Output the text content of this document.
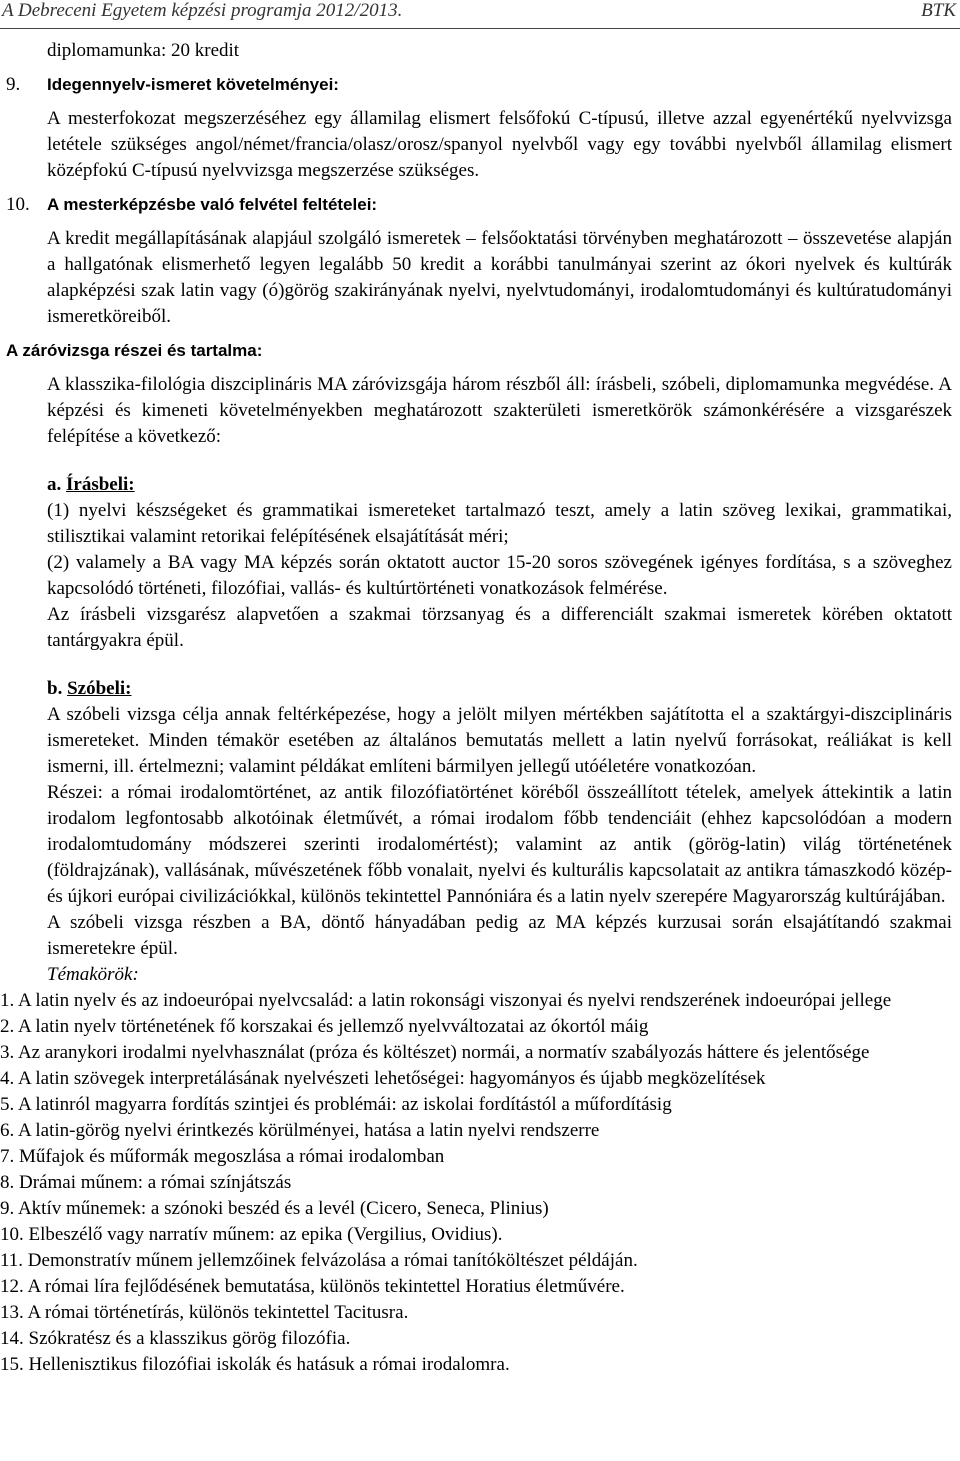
A Debreceni Egyetem képzési programja 2012/2013.	BTK

diplomamunka: 20 kredit

9. Idegennyelv-ismeret követelményei:

A mesterfokozat megszerzéséhez egy államilag elismert felsőfokú C-típusú, illetve azzal egyenértékű nyelvvizsga letétele szükséges angol/német/francia/olasz/orosz/spanyol nyelvből vagy egy további nyelvből államilag elismert középfokú C-típusú nyelvvizsga megszerzése szükséges.

10. A mesterképzésbe való felvétel feltételei:

A kredit megállapításának alapjául szolgáló ismeretek – felsőoktatási törvényben meghatározott – összevetése alapján a hallgatónak elismerhető legyen legalább 50 kredit a korábbi tanulmányai szerint az ókori nyelvek és kultúrák alapképzési szak latin vagy (ó)görög szakirányának nyelvi, nyelvtudományi, irodalomtudományi és kultúratudományi ismeretköreiből.

A záróvizsga részei és tartalma:

A klasszika-filológia diszciplináris MA záróvizsgája három részből áll: írásbeli, szóbeli, diplomamunka megvédése. A képzési és kimeneti követelményekben meghatározott szakterületi ismeretkörök számonkérésére a vizsgarészek felépítése a következő:

a. Írásbeli:

(1) nyelvi készségeket és grammatikai ismereteket tartalmazó teszt, amely a latin szöveg lexikai, grammatikai, stilisztikai valamint retorikai felépítésének elsajátítását méri;

(2) valamely a BA vagy MA képzés során oktatott auctor 15-20 soros szövegének igényes fordítása, s a szöveghez kapcsolódó történeti, filozófiai, vallás- és kultúrtörténeti vonatkozások felmérése.

Az írásbeli vizsgarész alapvetően a szakmai törzsanyag és a differenciált szakmai ismeretek körében oktatott tantárgyakra épül.

b. Szóbeli:

A szóbeli vizsga célja annak feltérképezése, hogy a jelölt milyen mértékben sajátította el a szaktárgyi-diszciplináris ismereteket. Minden témakör esetében az általános bemutatás mellett a latin nyelvű forrásokat, reáliákat is kell ismerni, ill. értelmezni; valamint példákat említeni bármilyen jellegű utóéletére vonatkozóan.

Részei: a római irodalomtörténet, az antik filozófiatörténet köréből összeállított tételek, amelyek áttekintik a latin irodalom legfontosabb alkotóinak életművét, a római irodalom főbb tendenciáit (ehhez kapcsolódóan a modern irodalomtudomány módszerei szerinti irodalomértést); valamint az antik (görög-latin) világ történetének (földrajzának), vallásának, művészetének főbb vonalait, nyelvi és kulturális kapcsolatait az antikra támaszkodó közép- és újkori európai civilizációkkal, különös tekintettel Pannóniára és a latin nyelv szerepére Magyarország kultúrájában.

A szóbeli vizsga részben a BA, döntő hányadában pedig az MA képzés kurzusai során elsajátítandó szakmai ismeretekre épül.

Témakörök:

1. A latin nyelv és az indoeurópai nyelvcsalád: a latin rokonsági viszonyai és nyelvi rendszerének indoeurópai jellege
2. A latin nyelv történetének fő korszakai és jellemző nyelvváltozatai az ókortól máig
3. Az aranykori irodalmi nyelvhasználat (próza és költészet) normái, a normatív szabályozás háttere és jelentősége
4. A latin szövegek interpretálásának nyelvészeti lehetőségei: hagyományos és újabb megközelítések
5. A latinról magyarra fordítás szintjei és problémái: az iskolai fordítástól a műfordításig
6. A latin-görög nyelvi érintkezés körülményei, hatása a latin nyelvi rendszerre
7. Műfajok és műformák megoszlása a római irodalomban
8. Drámai műnem: a római színjátszás
9. Aktív műnemek: a szónoki beszéd és a levél (Cicero, Seneca, Plinius)
10. Elbeszélő vagy narratív műnem: az epika (Vergilius, Ovidius).
11. Demonstratív műnem jellemzőinek felvázolása a római tanítóköltészet példáján.
12. A római líra fejlődésének bemutatása, különös tekintettel Horatius életművére.
13. A római történetírás, különös tekintettel Tacitusra.
14. Szókratész és a klasszikus görög filozófia.
15. Hellenisztikus filozófiai iskolák és hatásuk a római irodalomra.
